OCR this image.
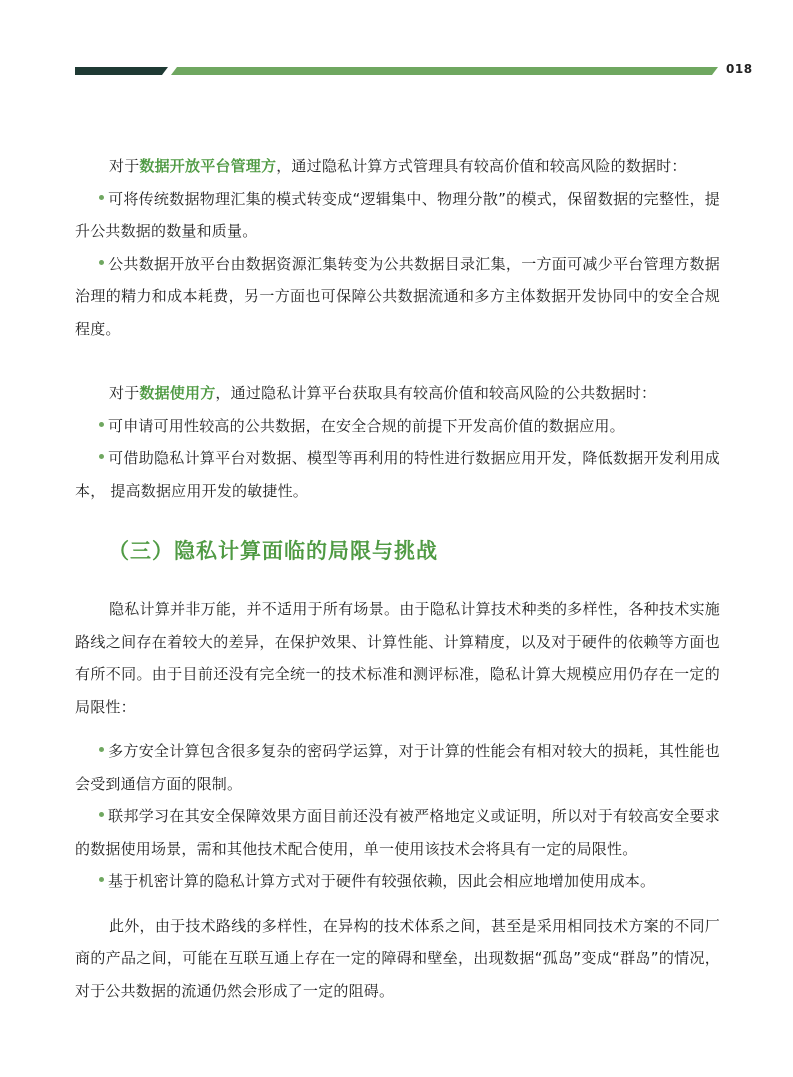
018

对于数据开放平台管理方，通过隐私计算方式管理具有较高价值和较高风险的数据时：

可将传统数据物理汇集的模式转变成“逻辑集中、物理分散”的模式，保留数据的完整性，提升公共数据的数量和质量。

公共数据开放平台由数据资源汇集转变为公共数据目录汇集，一方面可减少平台管理方数据治理的精力和成本耗费，另一方面也可保障公共数据流通和多方主体数据开发协同中的安全合规程度。

对于数据使用方，通过隐私计算平台获取具有较高价值和较高风险的公共数据时：

可申请可用性较高的公共数据，在安全合规的前提下开发高价值的数据应用。

可借助隐私计算平台对数据、模型等再利用的特性进行数据应用开发，降低数据开发利用成本， 提高数据应用开发的敏捷性。

（三）隐私计算面临的局限与挑战

隐私计算并非万能，并不适用于所有场景。由于隐私计算技术种类的多样性，各种技术实施路线之间存在着较大的差异，在保护效果、计算性能、计算精度，以及对于硬件的依赖等方面也有所不同。由于目前还没有完全统一的技术标准和测评标准，隐私计算大规模应用仍存在一定的局限性：

多方安全计算包含很多复杂的密码学运算，对于计算的性能会有相对较大的损耗，其性能也会受到通信方面的限制。

联邦学习在其安全保障效果方面目前还没有被严格地定义或证明，所以对于有较高安全要求的数据使用场景，需和其他技术配合使用，单一使用该技术会将具有一定的局限性。

基于机密计算的隐私计算方式对于硬件有较强依赖，因此会相应地增加使用成本。

此外，由于技术路线的多样性，在异构的技术体系之间，甚至是采用相同技术方案的不同厂商的产品之间，可能在互联互通上存在一定的障碍和壁垒，出现数据“孤岛”变成“群岛”的情况，对于公共数据的流通仍然会形成了一定的阻碍。
